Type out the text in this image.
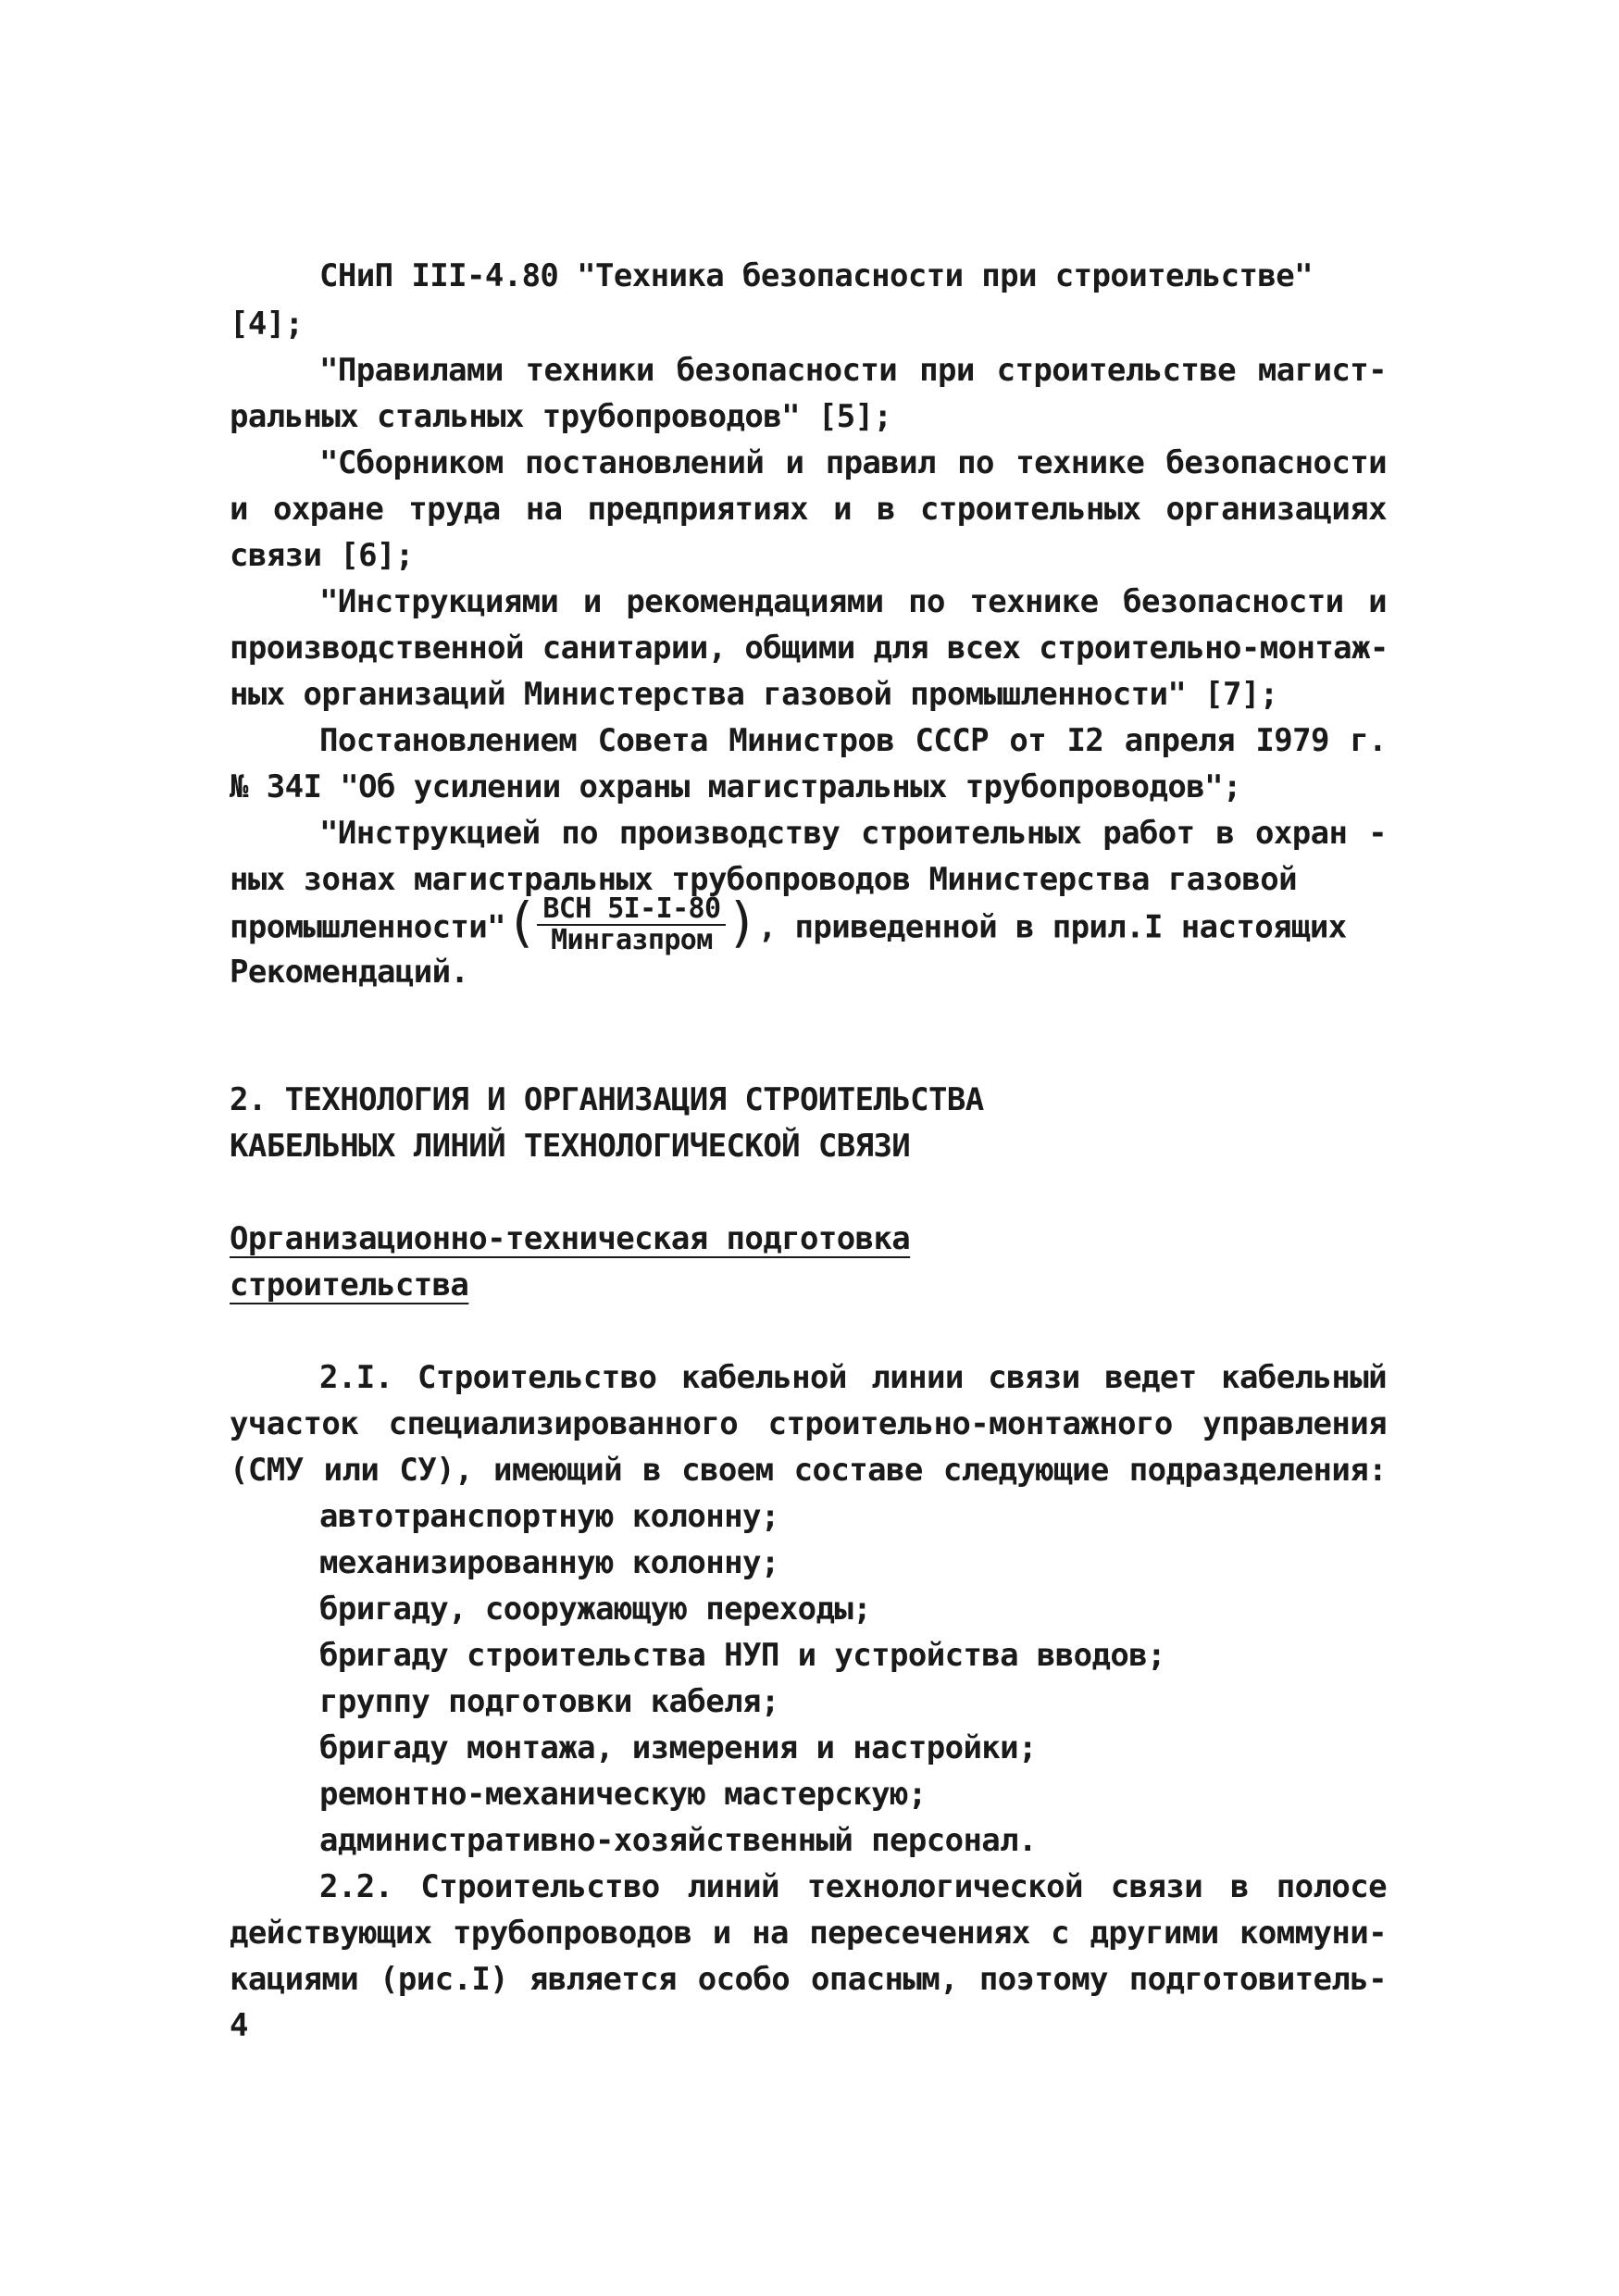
СНиП III-4.80 "Техника безопасности при строительстве"
[4];
"Правилами техники безопасности при строительстве магист-
ральных стальных трубопроводов" [5];
"Сборником постановлений и правил по технике безопасности
и охране труда на предприятиях и в строительных организациях
связи [6];
"Инструкциями и рекомендациями по технике безопасности и
производственной санитарии, общими для всех строительно-монтаж-
ных организаций Министерства газовой промышленности" [7];
Постановлением Совета Министров СССР от I2 апреля I979 г.
№ 34I "Об усилении охраны магистральных трубопроводов";
"Инструкцией по производству строительных работ в охран -
ных зонах магистральных трубопроводов Министерства газовой
промышленности"( $\frac{\text{ВСН 5I-I-80}}{\text{Мингазпром}}$ ), приведенной в прил.I настоящих
Рекомендаций.
2. ТЕХНОЛОГИЯ И ОРГАНИЗАЦИЯ СТРОИТЕЛЬСТВА
КАБЕЛЬНЫХ ЛИНИЙ ТЕХНОЛОГИЧЕСКОЙ СВЯЗИ
Организационно-техническая подготовка
строительства
2.I. Строительство кабельной линии связи ведет кабельный
участок специализированного строительно-монтажного управления
(СМУ или СУ), имеющий в своем составе следующие подразделения:
автотранспортную колонну;
механизированную колонну;
бригаду, сооружающую переходы;
бригаду строительства НУП и устройства вводов;
группу подготовки кабеля;
бригаду монтажа, измерения и настройки;
ремонтно-механическую мастерскую;
административно-хозяйственный персонал.
2.2. Строительство линий технологической связи в полосе
действующих трубопроводов и на пересечениях с другими коммуни-
кациями (рис.I) является особо опасным, поэтому подготовитель-
4
